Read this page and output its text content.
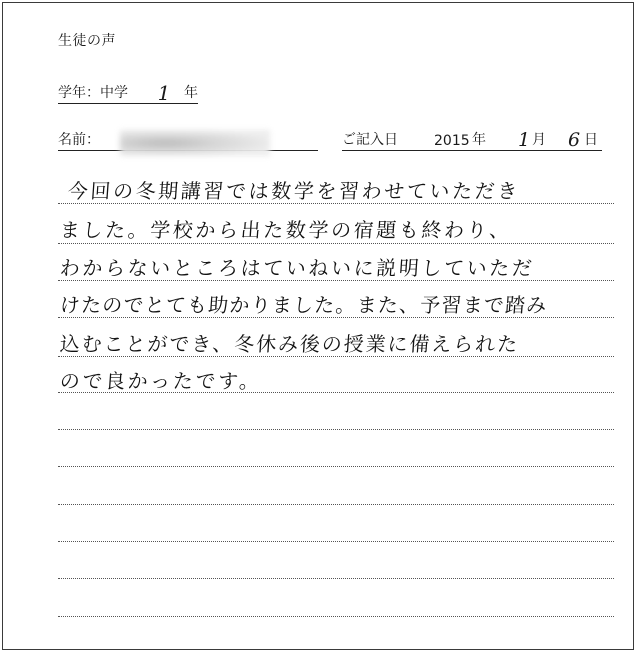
生徒の声
学年：中学	1 年
名前：	ご記入日	2015 年 1 月 6 日
今回の冬期講習では数学を習わせていただき
ました。学校から出た数学の宿題も終わり、
わからないところはていねいに説明していただ
けたのでとても助かりました。また、予習まで踏み
込むことができ、冬休み後の授業に備えられた
ので良かったです。
